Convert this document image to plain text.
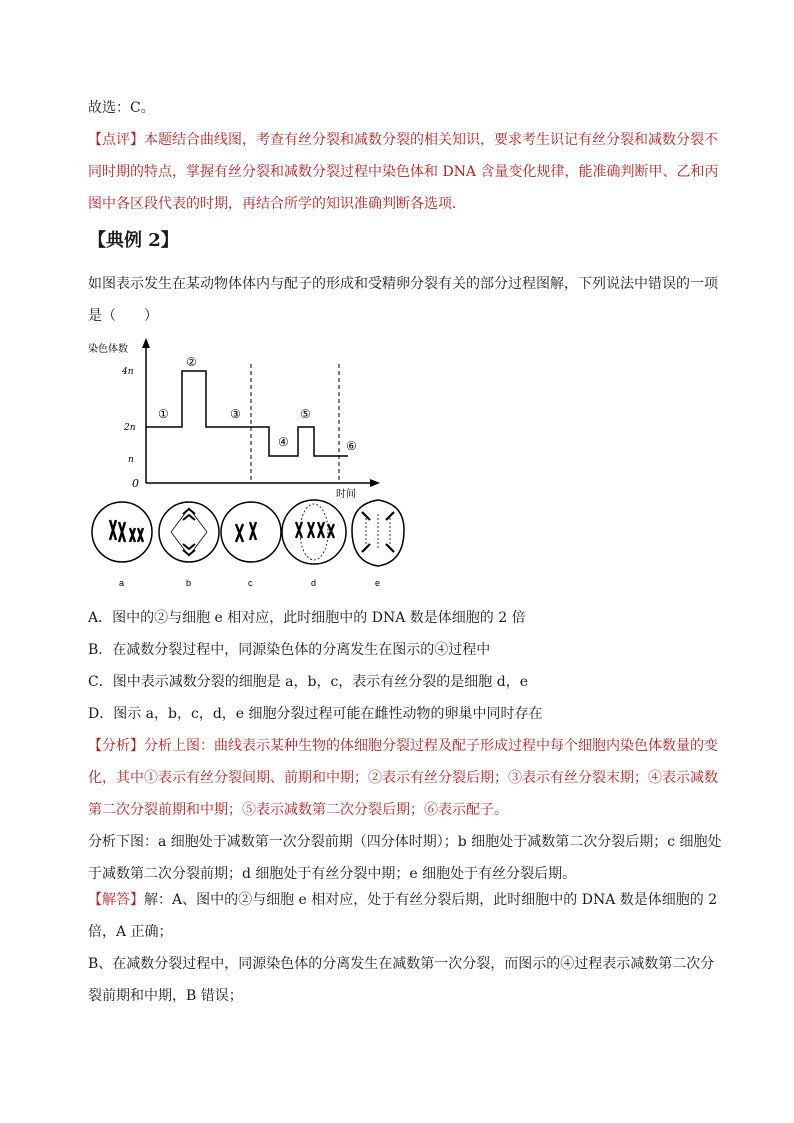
故选：C。

【点评】本题结合曲线图，考查有丝分裂和减数分裂的相关知识，要求考生识记有丝分裂和减数分裂不同时期的特点，掌握有丝分裂和减数分裂过程中染色体和 DNA 含量变化规律，能准确判断甲、乙和丙图中各区段代表的时期，再结合所学的知识准确判断各选项．

【典例 2】

如图表示发生在某动物体体内与配子的形成和受精卵分裂有关的部分过程图解，下列说法中错误的一项是（　　）

染色体数
时间
0
4n
2n
n
①
②
③
④
⑤
⑥
a	b	c	d	e

A．图中的②与细胞 e 相对应，此时细胞中的 DNA 数是体细胞的 2 倍

B．在减数分裂过程中，同源染色体的分离发生在图示的④过程中

C．图中表示减数分裂的细胞是 a，b，c，表示有丝分裂的是细胞 d，e

D．图示 a，b，c，d，e 细胞分裂过程可能在雌性动物的卵巢中同时存在

【分析】分析上图：曲线表示某种生物的体细胞分裂过程及配子形成过程中每个细胞内染色体数量的变化，其中①表示有丝分裂间期、前期和中期；②表示有丝分裂后期；③表示有丝分裂末期；④表示减数第二次分裂前期和中期；⑤表示减数第二次分裂后期；⑥表示配子。

分析下图：a 细胞处于减数第一次分裂前期（四分体时期）；b 细胞处于减数第二次分裂后期；c 细胞处于减数第二次分裂前期；d 细胞处于有丝分裂中期；e 细胞处于有丝分裂后期。

【解答】解：A、图中的②与细胞 e 相对应，处于有丝分裂后期，此时细胞中的 DNA 数是体细胞的 2 倍，A 正确；

B、在减数分裂过程中，同源染色体的分离发生在减数第一次分裂，而图示的④过程表示减数第二次分裂前期和中期，B 错误；
